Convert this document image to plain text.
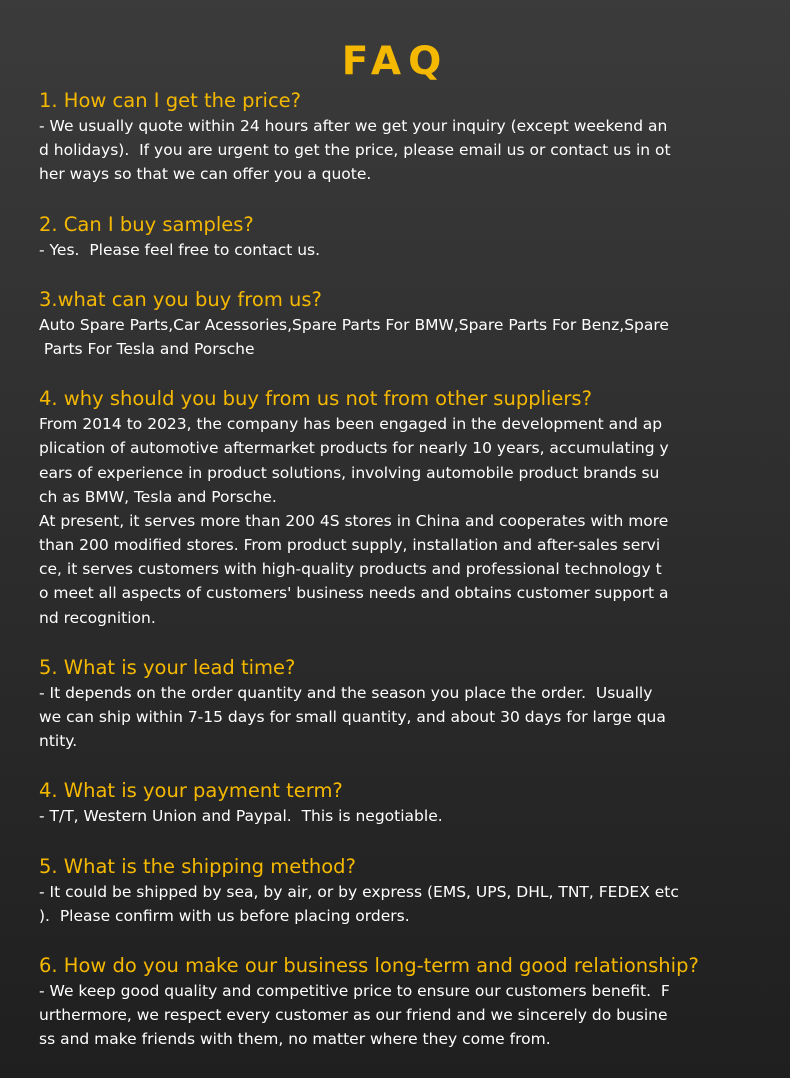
FAQ
1. How can I get the price?
- We usually quote within 24 hours after we get your inquiry (except weekend an
d holidays).  If you are urgent to get the price, please email us or contact us in ot
her ways so that we can offer you a quote.
2. Can I buy samples?
- Yes.  Please feel free to contact us.
3.what can you buy from us?
Auto Spare Parts,Car Acessories,Spare Parts For BMW,Spare Parts For Benz,Spare
Parts For Tesla and Porsche
4. why should you buy from us not from other suppliers?
From 2014 to 2023, the company has been engaged in the development and ap
plication of automotive aftermarket products for nearly 10 years, accumulating y
ears of experience in product solutions, involving automobile product brands su
ch as BMW, Tesla and Porsche.
At present, it serves more than 200 4S stores in China and cooperates with more
than 200 modified stores. From product supply, installation and after-sales servi
ce, it serves customers with high-quality products and professional technology t
o meet all aspects of customers' business needs and obtains customer support a
nd recognition.
5. What is your lead time?
- It depends on the order quantity and the season you place the order.  Usually
we can ship within 7-15 days for small quantity, and about 30 days for large qua
ntity.
4. What is your payment term?
- T/T, Western Union and Paypal.  This is negotiable.
5. What is the shipping method?
- It could be shipped by sea, by air, or by express (EMS, UPS, DHL, TNT, FEDEX etc
).  Please confirm with us before placing orders.
6. How do you make our business long-term and good relationship?
- We keep good quality and competitive price to ensure our customers benefit.  F
urthermore, we respect every customer as our friend and we sincerely do busine
ss and make friends with them, no matter where they come from.
